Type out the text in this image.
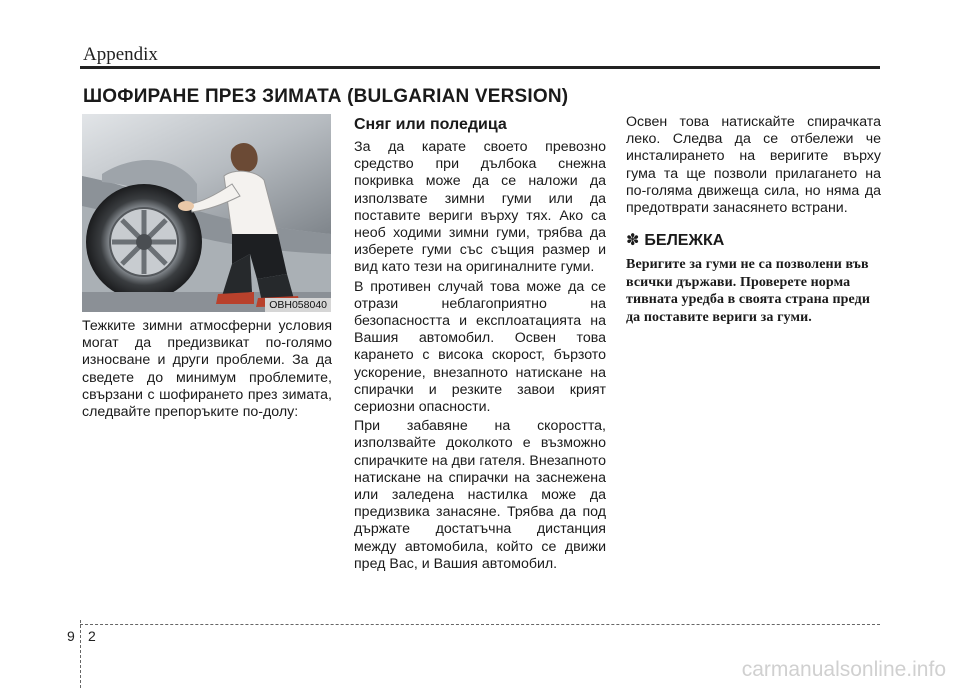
Appendix
ШОФИРАНЕ ПРЕЗ ЗИМАТА (BULGARIAN VERSION)
OBH058040

Тежките зимни атмосферни условия могат да предизвикат по-голямо износване и други проблеми. За да сведете до минимум проблемите, свързани с шофирането през зимата, следвайте препоръките по-долу:

Сняг или поледица

За да карате своето превозно средство при дълбока снежна покривка може да се наложи да използвате зимни гуми или да поставите вериги върху тях. Ако са необ ходими зимни гуми, трябва да изберете гуми със същия размер и вид като тези на оригиналните гуми.

В противен случай това може да се отрази неблагоприятно на безопасността и експлоатацията на Вашия автомобил. Освен това карането с висока скорост, бързото ускорение, внезапното натискане на спирачки и резките завои крият сериозни опасности.

При забавяне на скоростта, използвайте доколкото е възможно спирачките на дви гателя. Внезапното натискане на спирачки на заснежена или заледена настилка може да предизвика занасяне. Трябва да под държате достатъчна дистанция между автомобила, който се движи пред Вас, и Вашия автомобил.

Освен това натискайте спирачката леко. Следва да се отбележи че инсталирането на веригите върху гума та ще позволи прилагането на по-голяма движеща сила, но няма да предотврати занасянето встрани.

✽ БЕЛЕЖКА

Веригите за гуми не са позволени във всички държави. Проверете норма тивната уредба в своята страна преди да поставите вериги за гуми.

9 2
carmanualsonline.info
